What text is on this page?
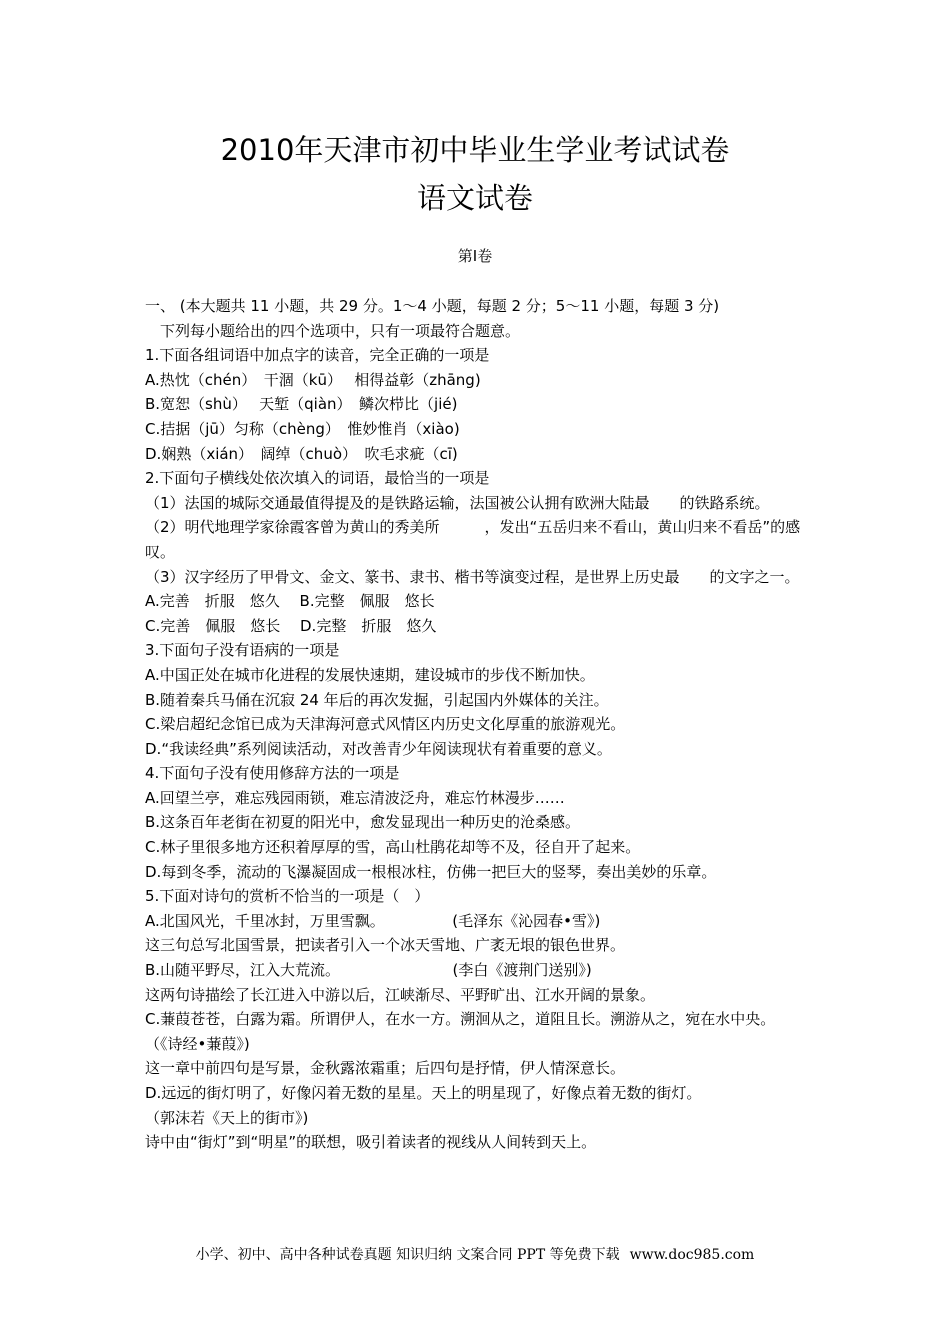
2010年天津市初中毕业生学业考试试卷
语文试卷
第Ⅰ卷
一、 (本大题共 11 小题，共 29 分。1～4 小题，每题 2 分；5～11 小题，每题 3 分)
　下列每小题给出的四个选项中，只有一项最符合题意。
1.下面各组词语中加点字的读音，完全正确的一项是
A.热忱（chén）　干涸（kū）　 相得益彰（zhāng)
B.宽恕（shù）　 天堑（qiàn）　鳞次栉比（jié)
C.拮据（jū）匀称（chèng）　惟妙惟肖（xiào)
D.娴熟（xián）　阔绰（chuò）　吹毛求疵（cī)
2.下面句子横线处依次填入的词语，最恰当的一项是
（1）法国的城际交通最值得提及的是铁路运输，法国被公认拥有欧洲大陆最　　的铁路系统。
（2）明代地理学家徐霞客曾为黄山的秀美所　　　，发出“五岳归来不看山，黄山归来不看岳”的感叹。
（3）汉字经历了甲骨文、金文、篆书、隶书、楷书等演变过程，是世界上历史最　　的文字之一。
A.完善　折服　悠久　 B.完整　佩服　悠长
C.完善　佩服　悠长　 D.完整　折服　悠久
3.下面句子没有语病的一项是
A.中国正处在城市化进程的发展快速期，建设城市的步伐不断加快。
B.随着秦兵马俑在沉寂 24 年后的再次发掘，引起国内外媒体的关注。
C.梁启超纪念馆已成为天津海河意式风情区内历史文化厚重的旅游观光。
D.“我读经典”系列阅读活动，对改善青少年阅读现状有着重要的意义。
4.下面句子没有使用修辞方法的一项是
A.回望兰亭，难忘残园雨锁，难忘清波泛舟，难忘竹林漫步……
B.这条百年老街在初夏的阳光中，愈发显现出一种历史的沧桑感。
C.林子里很多地方还积着厚厚的雪，高山杜鹃花却等不及，径自开了起来。
D.每到冬季，流动的飞瀑凝固成一根根冰柱，仿佛一把巨大的竖琴，奏出美妙的乐章。
5.下面对诗句的赏析不恰当的一项是（　）
A.北国风光，千里冰封，万里雪飘。　　　　　(毛泽东《沁园春•雪》)
这三句总写北国雪景，把读者引入一个冰天雪地、广袤无垠的银色世界。
B.山随平野尽，江入大荒流。　　　　　　　　(李白《渡荆门送别》)
这两句诗描绘了长江进入中游以后，江峡渐尽、平野旷出、江水开阔的景象。
C.蒹葭苍苍，白露为霜。所谓伊人，在水一方。溯洄从之，道阻且长。溯游从之，宛在水中央。　　　　　　　　（《诗经•蒹葭》)
这一章中前四句是写景，金秋露浓霜重；后四句是抒情，伊人情深意长。
D.远远的街灯明了，好像闪着无数的星星。天上的明星现了，好像点着无数的街灯。
（郭沫若《天上的街市》)
诗中由“街灯”到“明星”的联想，吸引着读者的视线从人间转到天上。
小学、初中、高中各种试卷真题 知识归纳 文案合同 PPT 等免费下载 www.doc985.com
